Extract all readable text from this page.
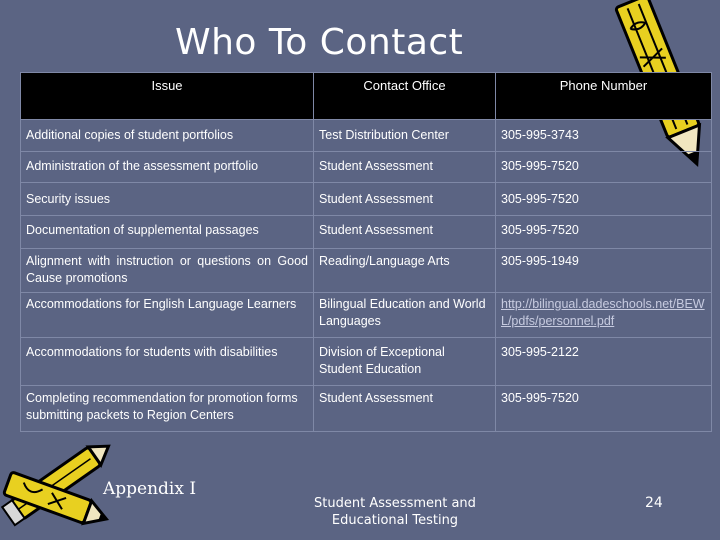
Who To Contact
Issue	Contact Office	Phone Number
Additional copies of student portfolios	Test Distribution Center	305-995‑3743
Administration of the assessment portfolio	Student Assessment	305-995‑7520
Security issues	Student Assessment	305-995-7520
Documentation of supplemental passages	Student Assessment	305-995‑7520
Alignment with instruction or questions on Good Cause promotions	Reading/Language Arts	305-995-1949
Accommodations for English Language Learners	Bilingual Education and World Languages	http://bilingual.dadeschools.net/BEWL/pdfs/personnel.pdf
Accommodations for students with disabilities	Division of Exceptional Student Education	305-995‑2122
Completing recommendation for promotion forms submitting packets to Region Centers	Student Assessment	305-995-7520
Appendix I
Student Assessment and Educational Testing
24
